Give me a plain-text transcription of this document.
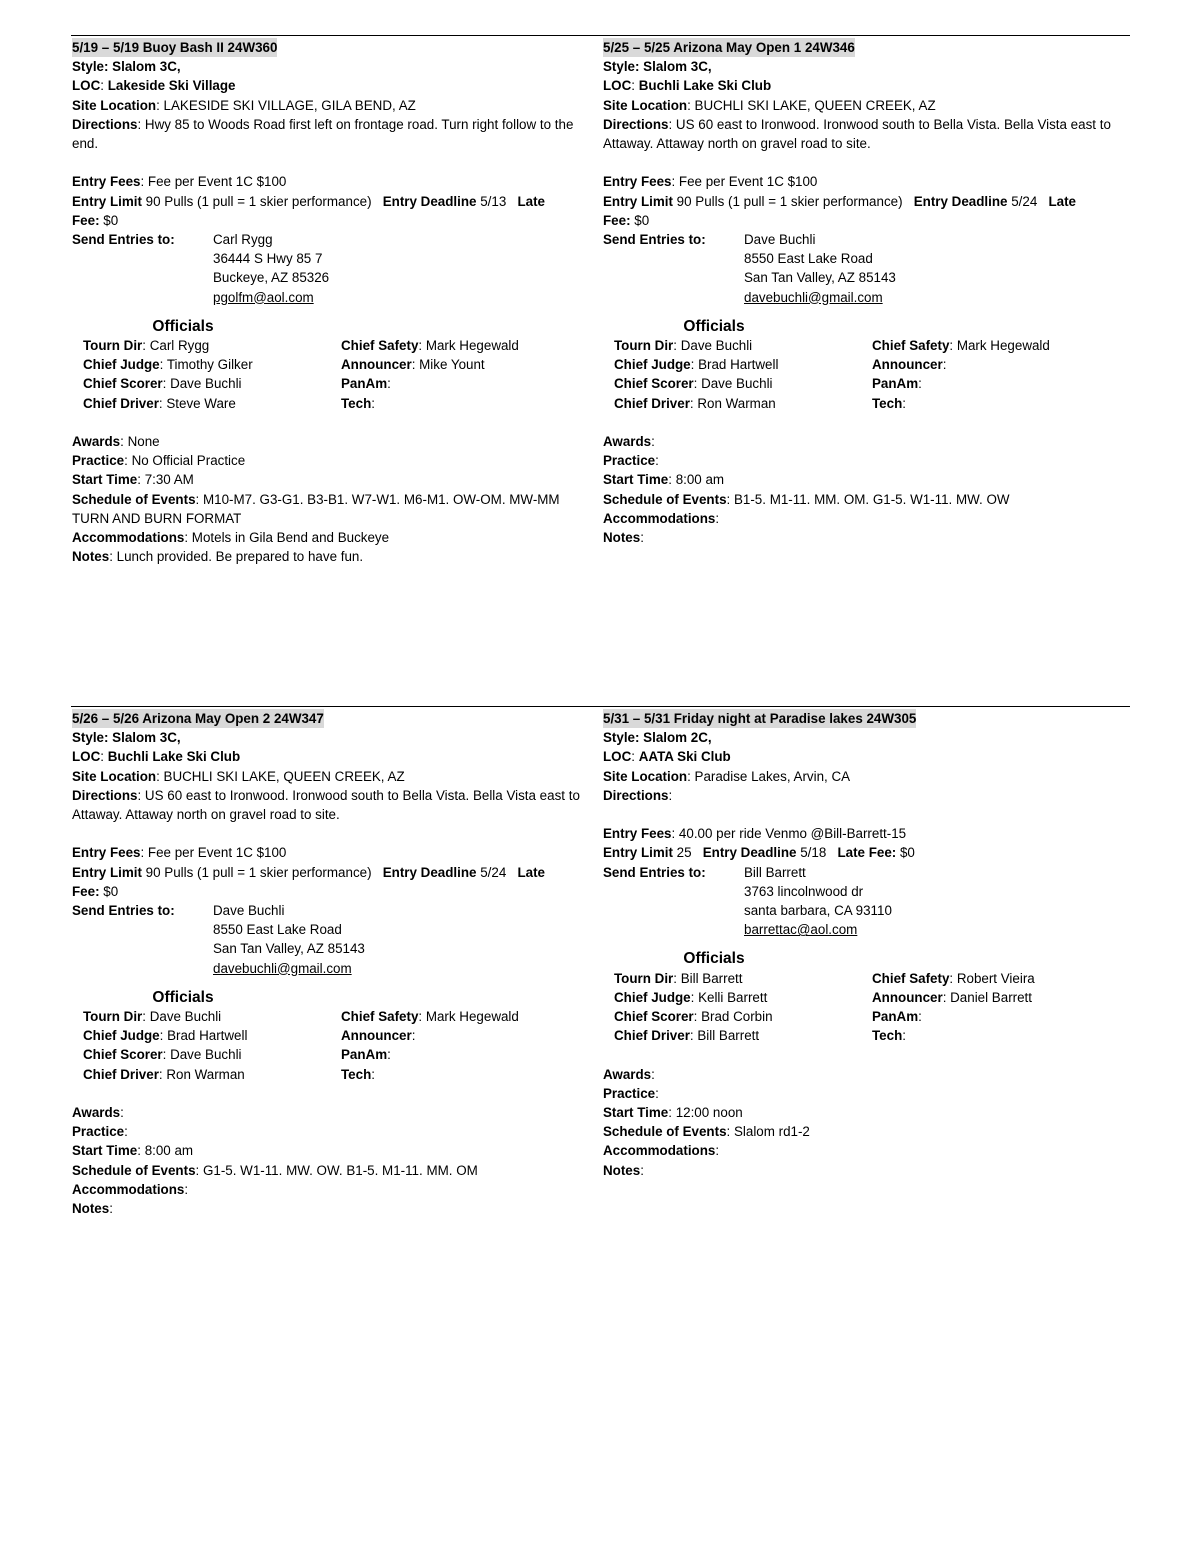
5/19 – 5/19 Buoy Bash II 24W360
Style: Slalom 3C,
LOC: Lakeside Ski Village
Site Location: LAKESIDE SKI VILLAGE, GILA BEND, AZ
Directions: Hwy 85 to Woods Road first left on frontage road. Turn right follow to the end.
Entry Fees: Fee per Event 1C $100
Entry Limit 90 Pulls (1 pull = 1 skier performance) Entry Deadline 5/13 Late
Fee: $0
Send Entries to:	Carl Rygg
36444 S Hwy 85 7
Buckeye, AZ 85326
pgolfm@aol.com
Officials
Tourn Dir: Carl Rygg	Chief Safety: Mark Hegewald
Chief Judge: Timothy Gilker	Announcer: Mike Yount
Chief Scorer: Dave Buchli	PanAm:
Chief Driver: Steve Ware	Tech:
Awards: None
Practice: No Official Practice
Start Time: 7:30 AM
Schedule of Events: M10-M7. G3-G1. B3-B1. W7-W1. M6-M1. OW-OM. MW-MM
TURN AND BURN FORMAT
Accommodations: Motels in Gila Bend and Buckeye
Notes: Lunch provided. Be prepared to have fun.
5/25 – 5/25 Arizona May Open 1 24W346
Style: Slalom 3C,
LOC: Buchli Lake Ski Club
Site Location: BUCHLI SKI LAKE, QUEEN CREEK, AZ
Directions: US 60 east to Ironwood. Ironwood south to Bella Vista. Bella Vista east to Attaway. Attaway north on gravel road to site.
Entry Fees: Fee per Event 1C $100
Entry Limit 90 Pulls (1 pull = 1 skier performance) Entry Deadline 5/24 Late
Fee: $0
Send Entries to:	Dave Buchli
8550 East Lake Road
San Tan Valley, AZ 85143
davebuchli@gmail.com
Officials
Tourn Dir: Dave Buchli	Chief Safety: Mark Hegewald
Chief Judge: Brad Hartwell	Announcer:
Chief Scorer: Dave Buchli	PanAm:
Chief Driver: Ron Warman	Tech:
Awards:
Practice:
Start Time: 8:00 am
Schedule of Events: B1-5. M1-11. MM. OM. G1-5. W1-11. MW. OW
Accommodations:
Notes:
5/26 – 5/26 Arizona May Open 2 24W347
Style: Slalom 3C,
LOC: Buchli Lake Ski Club
Site Location: BUCHLI SKI LAKE, QUEEN CREEK, AZ
Directions: US 60 east to Ironwood. Ironwood south to Bella Vista. Bella Vista east to Attaway. Attaway north on gravel road to site.
Entry Fees: Fee per Event 1C $100
Entry Limit 90 Pulls (1 pull = 1 skier performance) Entry Deadline 5/24 Late
Fee: $0
Send Entries to:	Dave Buchli
8550 East Lake Road
San Tan Valley, AZ 85143
davebuchli@gmail.com
Officials
Tourn Dir: Dave Buchli	Chief Safety: Mark Hegewald
Chief Judge: Brad Hartwell	Announcer:
Chief Scorer: Dave Buchli	PanAm:
Chief Driver: Ron Warman	Tech:
Awards:
Practice:
Start Time: 8:00 am
Schedule of Events: G1-5. W1-11. MW. OW. B1-5. M1-11. MM. OM
Accommodations:
Notes:
5/31 – 5/31 Friday night at Paradise lakes 24W305
Style: Slalom 2C,
LOC: AATA Ski Club
Site Location: Paradise Lakes, Arvin, CA
Directions:
Entry Fees: 40.00 per ride Venmo @Bill-Barrett-15
Entry Limit 25 Entry Deadline 5/18 Late Fee: $0
Send Entries to:	Bill Barrett
3763 lincolnwood dr
santa barbara, CA 93110
barrettac@aol.com
Officials
Tourn Dir: Bill Barrett	Chief Safety: Robert Vieira
Chief Judge: Kelli Barrett	Announcer: Daniel Barrett
Chief Scorer: Brad Corbin	PanAm:
Chief Driver: Bill Barrett	Tech:
Awards:
Practice:
Start Time: 12:00 noon
Schedule of Events: Slalom rd1-2
Accommodations:
Notes:
